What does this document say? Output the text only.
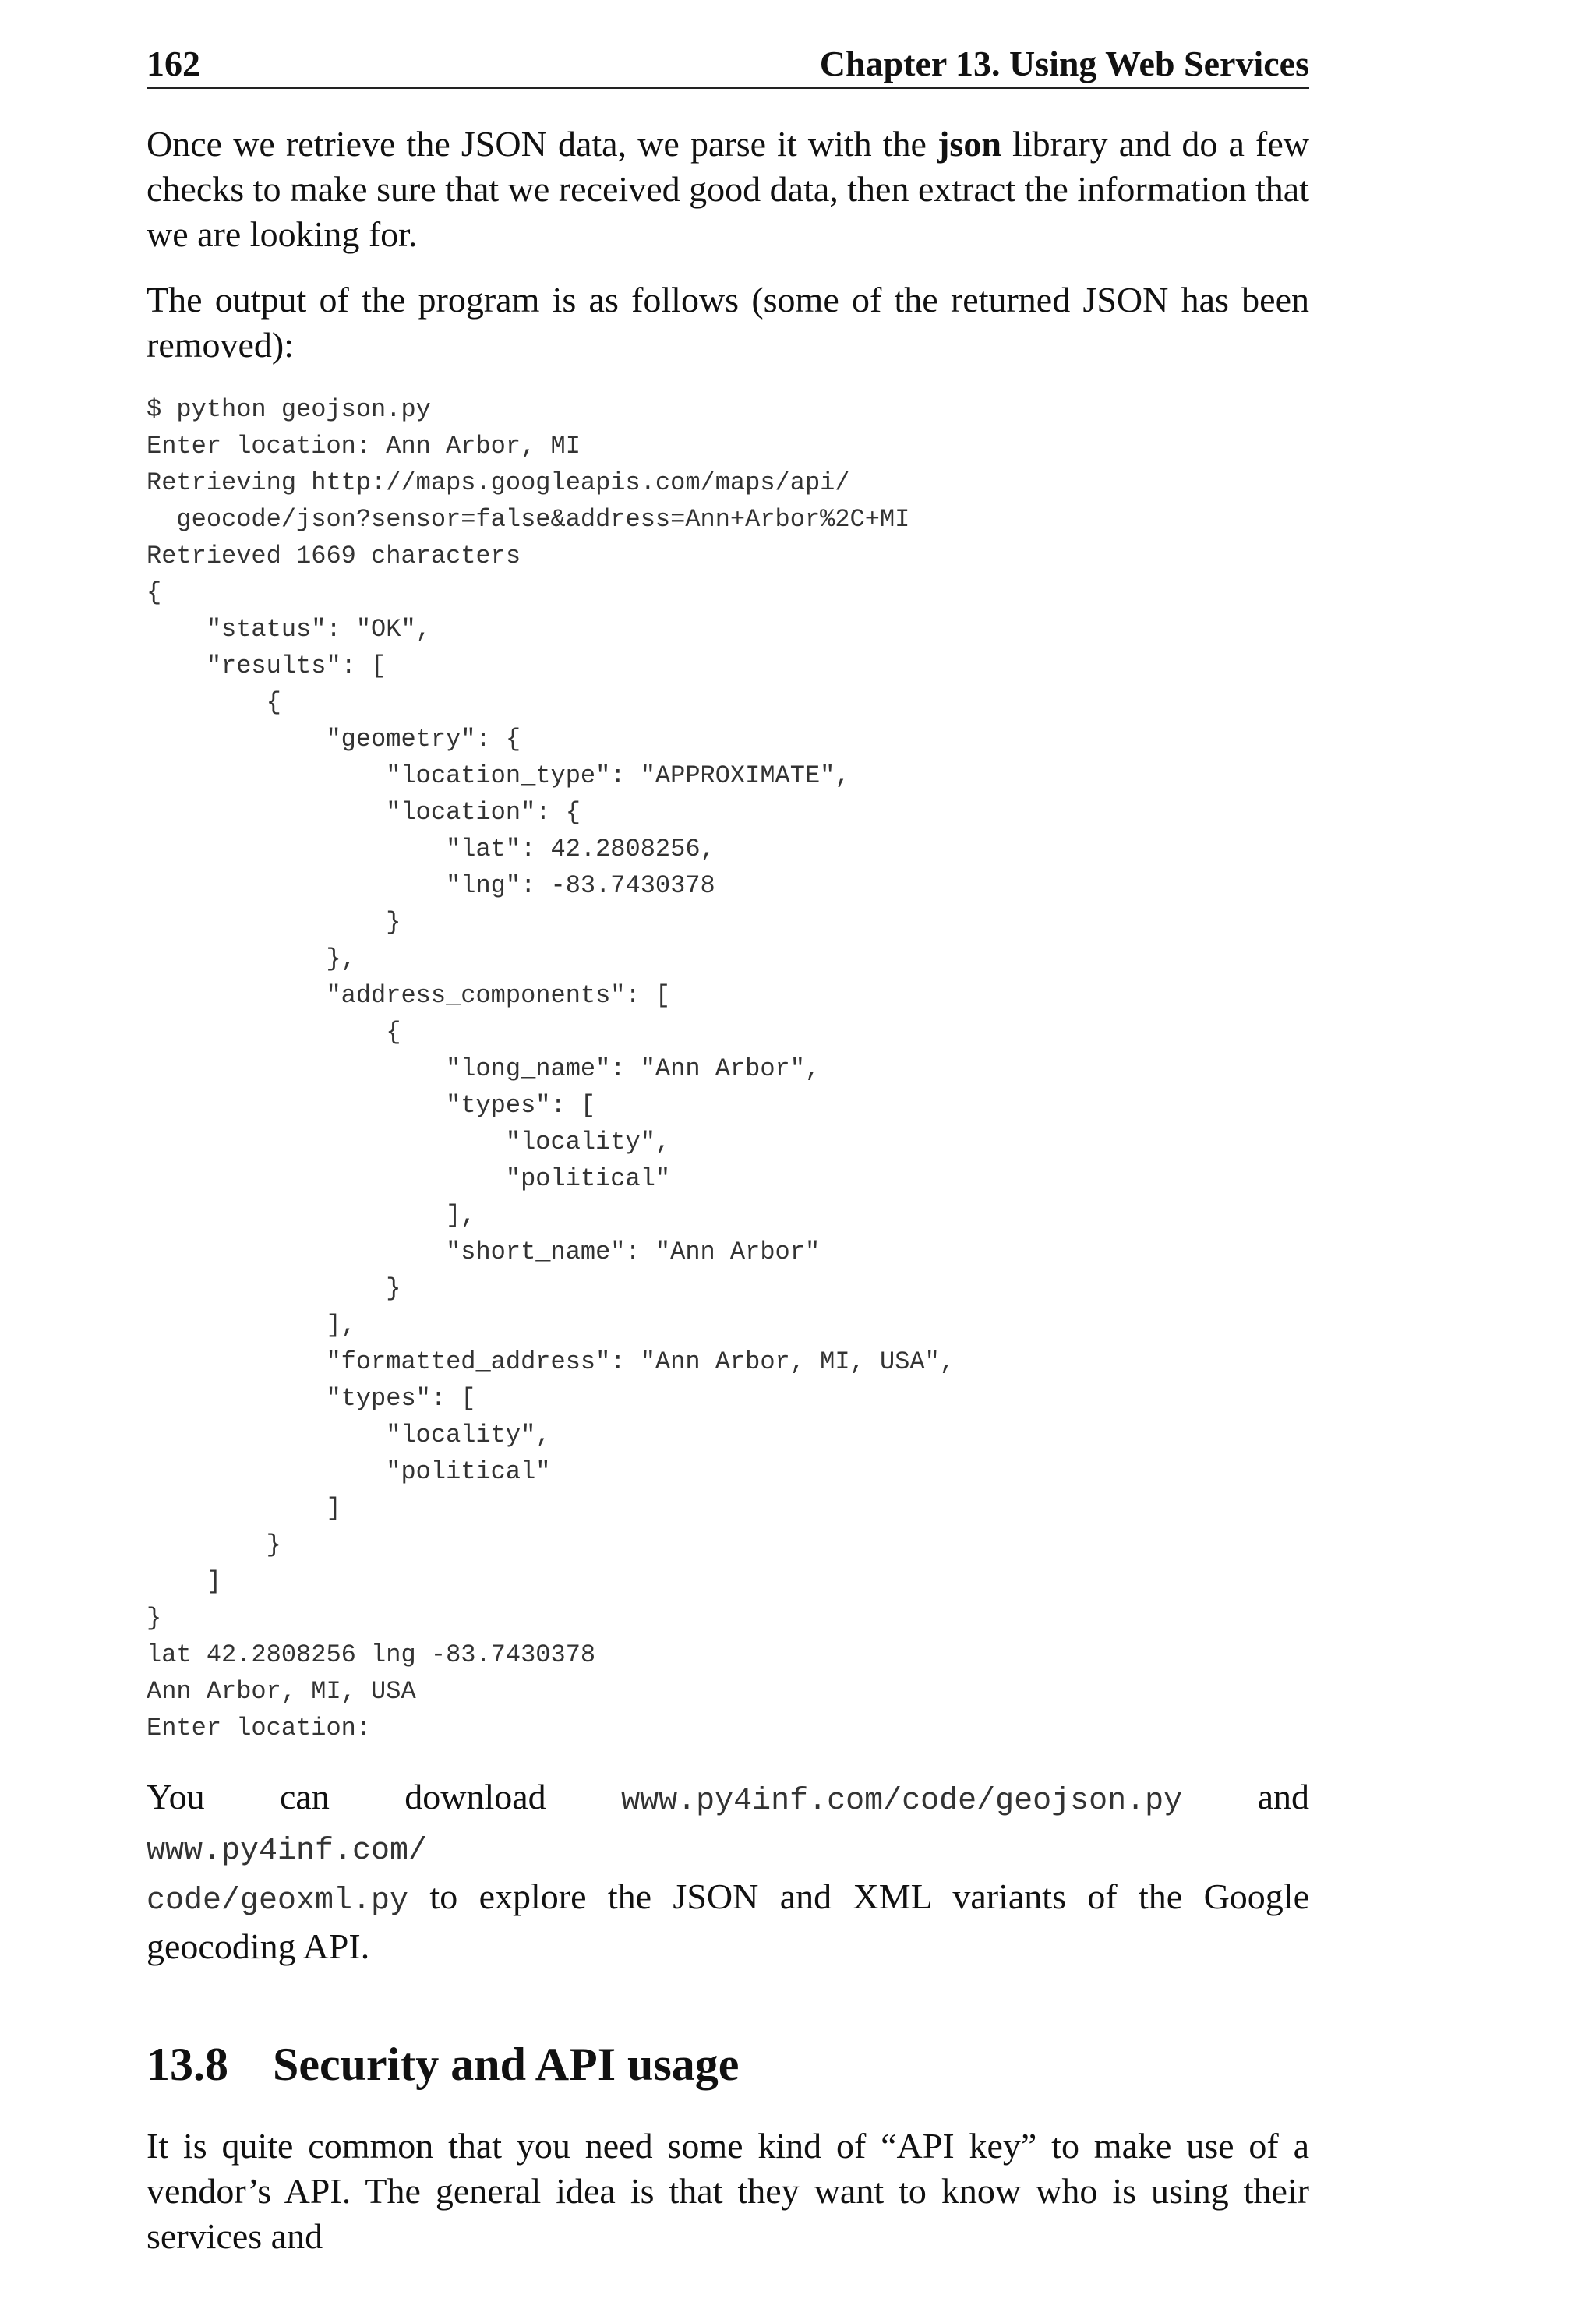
162	Chapter 13. Using Web Services

Once we retrieve the JSON data, we parse it with the json library and do a few checks to make sure that we received good data, then extract the information that we are looking for.

The output of the program is as follows (some of the returned JSON has been removed):

$ python geojson.py
Enter location: Ann Arbor, MI
Retrieving http://maps.googleapis.com/maps/api/
geocode/json?sensor=false&address=Ann+Arbor%2C+MI
Retrieved 1669 characters
{
"status": "OK",
"results": [
{
"geometry": {
"location_type": "APPROXIMATE",
"location": {
"lat": 42.2808256,
"lng": -83.7430378
}
},
"address_components": [
{
"long_name": "Ann Arbor",
"types": [
"locality",
"political"
],
"short_name": "Ann Arbor"
}
],
"formatted_address": "Ann Arbor, MI, USA",
"types": [
"locality",
"political"
]
}
]
}
lat 42.2808256 lng -83.7430378
Ann Arbor, MI, USA
Enter location:

You can download www.py4inf.com/code/geojson.py and www.py4inf.com/
code/geoxml.py to explore the JSON and XML variants of the Google geocoding API.

13.8 Security and API usage

It is quite common that you need some kind of “API key” to make use of a vendor’s API. The general idea is that they want to know who is using their services and
